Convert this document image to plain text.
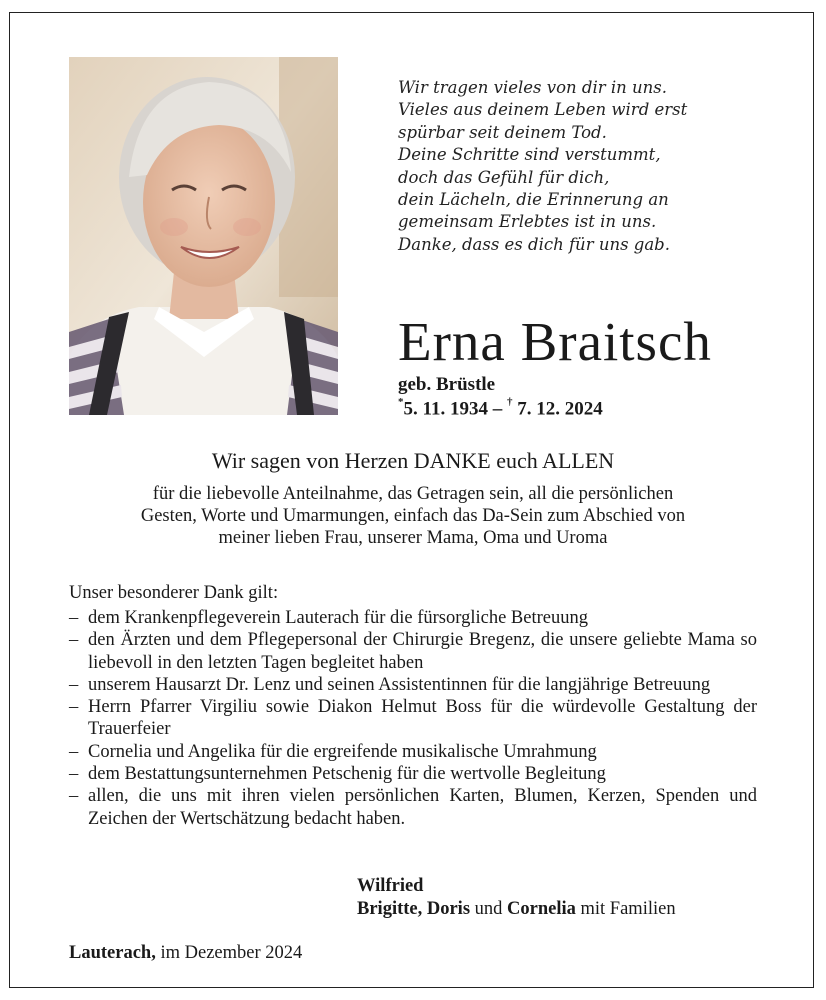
Wir tragen vieles von dir in uns.
Vieles aus deinem Leben wird erst
spürbar seit deinem Tod.
Deine Schritte sind verstummt,
doch das Gefühl für dich,
dein Lächeln, die Erinnerung an
gemeinsam Erlebtes ist in uns.
Danke, dass es dich für uns gab.
Erna Braitsch
geb. Brüstle
*5. 11. 1934 – † 7. 12. 2024
Wir sagen von Herzen DANKE euch ALLEN
für die liebevolle Anteilnahme, das Getragen sein, all die persönlichen
Gesten, Worte und Umarmungen, einfach das Da-Sein zum Abschied von
meiner lieben Frau, unserer Mama, Oma und Uroma
Unser besonderer Dank gilt:
– dem Krankenpflegeverein Lauterach für die fürsorgliche Betreuung
– den Ärzten und dem Pflegepersonal der Chirurgie Bregenz, die unsere geliebte Mama so liebevoll in den letzten Tagen begleitet haben
– unserem Hausarzt Dr. Lenz und seinen Assistentinnen für die langjährige Betreuung
– Herrn Pfarrer Virgiliu sowie Diakon Helmut Boss für die würdevolle Gestaltung der Trauerfeier
– Cornelia und Angelika für die ergreifende musikalische Umrahmung
– dem Bestattungsunternehmen Petschenig für die wertvolle Begleitung
– allen, die uns mit ihren vielen persönlichen Karten, Blumen, Kerzen, Spenden und Zeichen der Wertschätzung bedacht haben.
Wilfried
Brigitte, Doris und Cornelia mit Familien
Lauterach, im Dezember 2024
